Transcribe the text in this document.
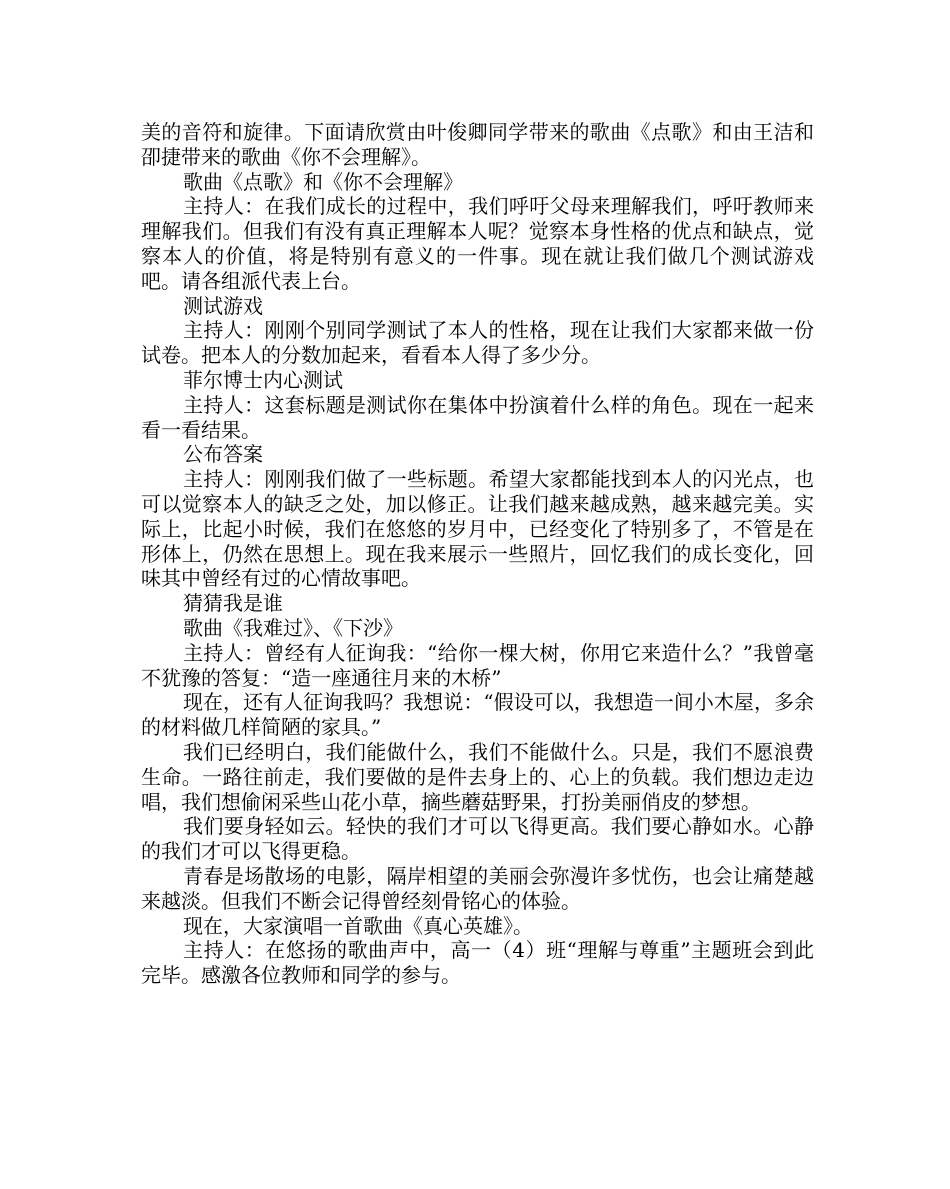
美的音符和旋律。下面请欣赏由叶俊卿同学带来的歌曲《点歌》和由王洁和卲捷带来的歌曲《你不会理解》。

歌曲《点歌》和《你不会理解》

主持人：在我们成长的过程中，我们呼吁父母来理解我们，呼吁教师来理解我们。但我们有没有真正理解本人呢？觉察本身性格的优点和缺点，觉察本人的价值，将是特别有意义的一件事。现在就让我们做几个测试游戏吧。请各组派代表上台。

测试游戏

主持人：刚刚个别同学测试了本人的性格，现在让我们大家都来做一份试卷。把本人的分数加起来，看看本人得了多少分。

菲尔博士内心测试

主持人：这套标题是测试你在集体中扮演着什么样的角色。现在一起来看一看结果。

公布答案

主持人：刚刚我们做了一些标题。希望大家都能找到本人的闪光点，也可以觉察本人的缺乏之处，加以修正。让我们越来越成熟，越来越完美。实际上，比起小时候，我们在悠悠的岁月中，已经变化了特别多了，不管是在形体上，仍然在思想上。现在我来展示一些照片，回忆我们的成长变化，回味其中曾经有过的心情故事吧。

猜猜我是谁

歌曲《我难过》、《下沙》

主持人：曾经有人征询我：“给你一棵大树，你用它来造什么？”我曾毫不犹豫的答复：“造一座通往月来的木桥”

现在，还有人征询我吗？我想说：“假设可以，我想造一间小木屋，多余的材料做几样简陋的家具。”

我们已经明白，我们能做什么，我们不能做什么。只是，我们不愿浪费生命。一路往前走，我们要做的是件去身上的、心上的负载。我们想边走边唱，我们想偷闲采些山花小草，摘些蘑菇野果，打扮美丽俏皮的梦想。

我们要身轻如云。轻快的我们才可以飞得更高。我们要心静如水。心静的我们才可以飞得更稳。

青春是场散场的电影，隔岸相望的美丽会弥漫许多忧伤，也会让痛楚越来越淡。但我们不断会记得曾经刻骨铭心的体验。

现在，大家演唱一首歌曲《真心英雄》。

主持人：在悠扬的歌曲声中，高一（4）班“理解与尊重”主题班会到此完毕。感激各位教师和同学的参与。
